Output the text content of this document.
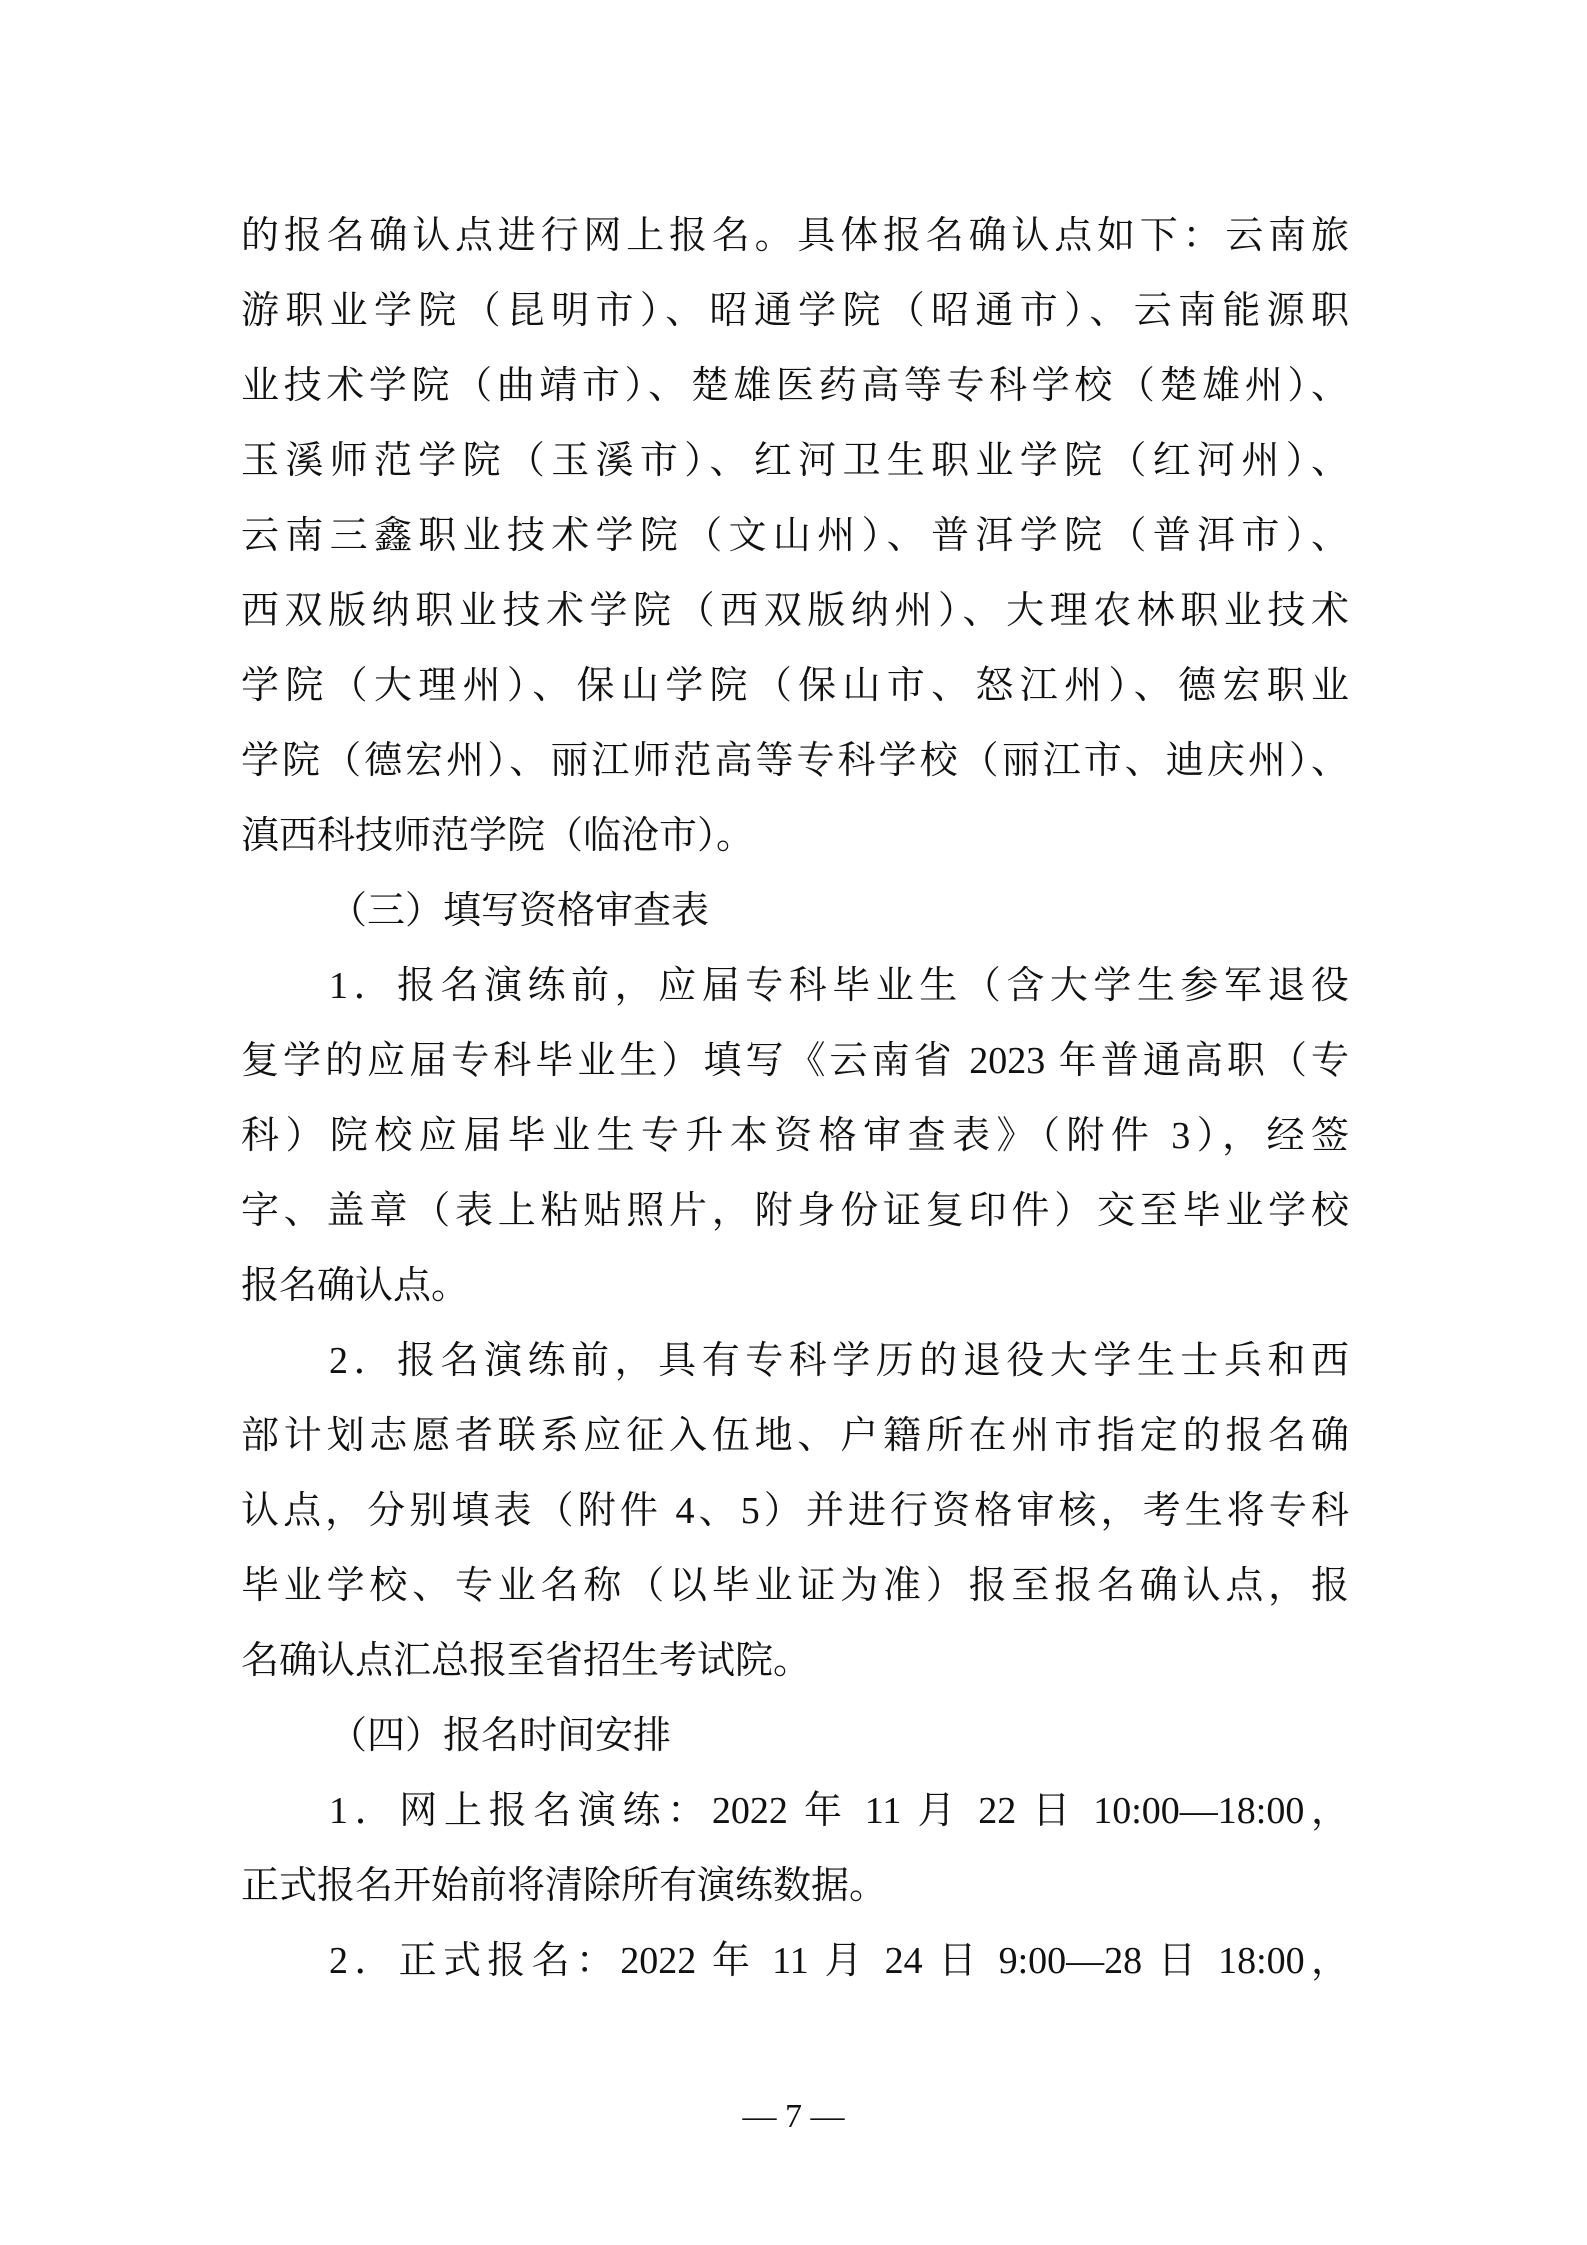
的报名确认点进行网上报名。具体报名确认点如下：云南旅
游职业学院（昆明市）、昭通学院（昭通市）、云南能源职
业技术学院（曲靖市）、楚雄医药高等专科学校（楚雄州）、
玉溪师范学院（玉溪市）、红河卫生职业学院（红河州）、
云南三鑫职业技术学院（文山州）、普洱学院（普洱市）、
西双版纳职业技术学院（西双版纳州）、大理农林职业技术
学院（大理州）、保山学院（保山市、怒江州）、德宏职业
学院（德宏州）、丽江师范高等专科学校（丽江市、迪庆州）、
滇西科技师范学院（临沧市）。
（三）填写资格审查表
1．报名演练前，应届专科毕业生（含大学生参军退役
复学的应届专科毕业生）填写《云南省 2023 年普通高职（专
科）院校应届毕业生专升本资格审查表》（附件 3），经签
字、盖章（表上粘贴照片，附身份证复印件）交至毕业学校
报名确认点。
2．报名演练前，具有专科学历的退役大学生士兵和西
部计划志愿者联系应征入伍地、户籍所在州市指定的报名确
认点，分别填表（附件 4、5）并进行资格审核，考生将专科
毕业学校、专业名称（以毕业证为准）报至报名确认点，报
名确认点汇总报至省招生考试院。
（四）报名时间安排
1．网上报名演练：2022 年 11 月 22 日 10:00—18:00，
正式报名开始前将清除所有演练数据。
2．正式报名：2022 年 11 月 24 日 9:00—28 日 18:00，
— 7 —
